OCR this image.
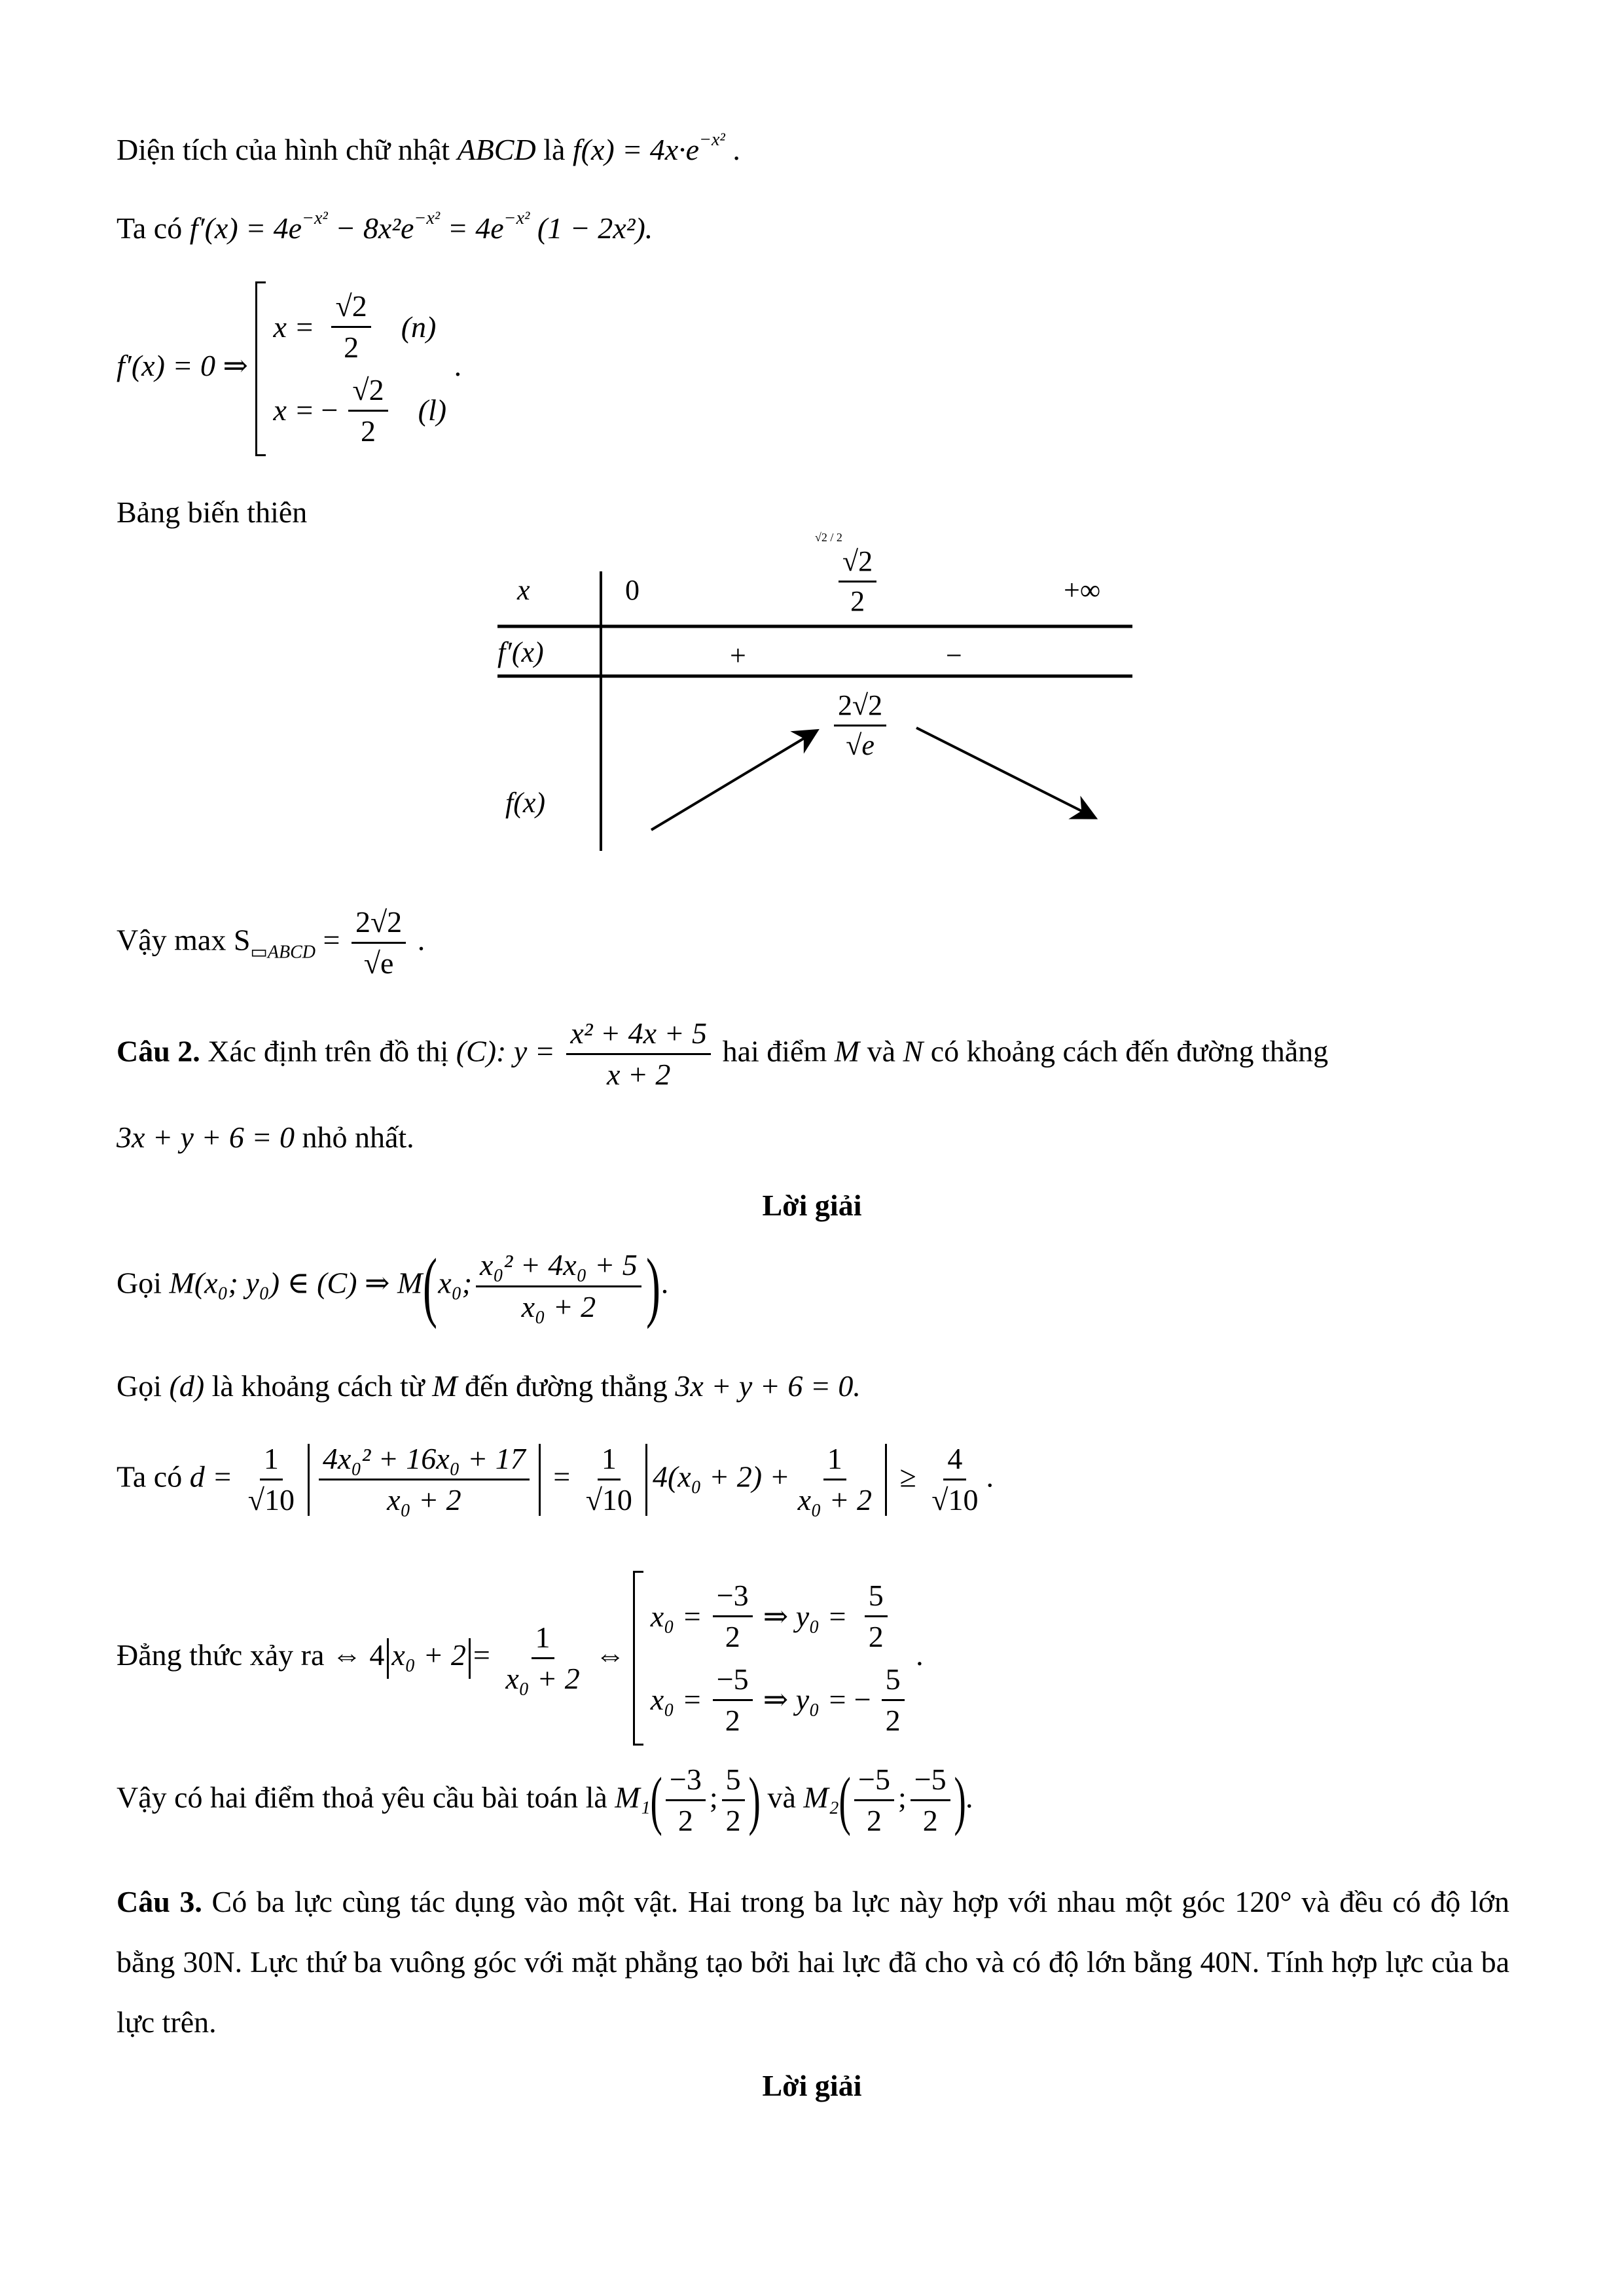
Diện tích của hình chữ nhật ABCD là $f(x) = 4x\cdot e^{-x^2}$ .
Ta có $f'(x) = 4e^{-x^2} - 8x^2e^{-x^2} = 4e^{-x^2}$ (1 − 2x²).
f′(x) = 0 ⇒
$x = \frac{√2}{2} (n)$
x = − $\frac{√2}{2} (l)$
.
Bảng biến thiên
x
f′(x)
f(x)
0
√2 / 2
$\frac{√2}{2}$	+∞
+	−
$\frac{2√2}{√e}$
Vậy $\max S_{▭ABCD} = \frac{2√2}{√e}$ .
Câu 2. Xác định trên đồ thị (C): $y = \frac{\text{x² + 4x + 5}}{x + 2}$ hai điểm M và N có khoảng cách đến đường thẳng
3x + y + 6 = 0 nhỏ nhất.
Lời giải
Gọi M(x₀; y₀) ∈ (C) ⇒ M(x₀; $\frac{\text{x₀² + 4x₀ + 5}}{\text{x₀ + 2}}$ ).
Gọi (d) là khoảng cách từ M đến đường thẳng 3x + y + 6 = 0.
Ta có $d = \frac{1}{√10} \frac{\text{4x₀² + 16x₀ + 17}}{\text{x₀ + 2}} = \frac{1}{√10} 4(x_0 + 2) + \frac{1}{\text{x₀ + 2}} \ge \frac{4}{√10}$ .
Đẳng thức xảy ra ⇔ 4 $x_0 + 2 = \frac{1}{\text{x₀ + 2}}$ ⇔
$x_0 = \frac{-3}{2}$ ⇒ $y_0 = \frac{5}{2}$
$x_0 = \frac{-5}{2}$ ⇒ y₀ = − $\frac{5}{2}$
.
Vậy có hai điểm thoả yêu cầu bài toán là $M_1( \frac{-3}{2}$ ; $\frac{5}{2}$ ) và $M_2( \frac{-5}{2}$ ; $\frac{-5}{2}$ ).
Câu 3. Có ba lực cùng tác dụng vào một vật. Hai trong ba lực này hợp với nhau một góc 120° và đều có độ lớn bằng 30N. Lực thứ ba vuông góc với mặt phẳng tạo bởi hai lực đã cho và có độ lớn bằng 40N. Tính hợp lực của ba lực trên.
Lời giải
